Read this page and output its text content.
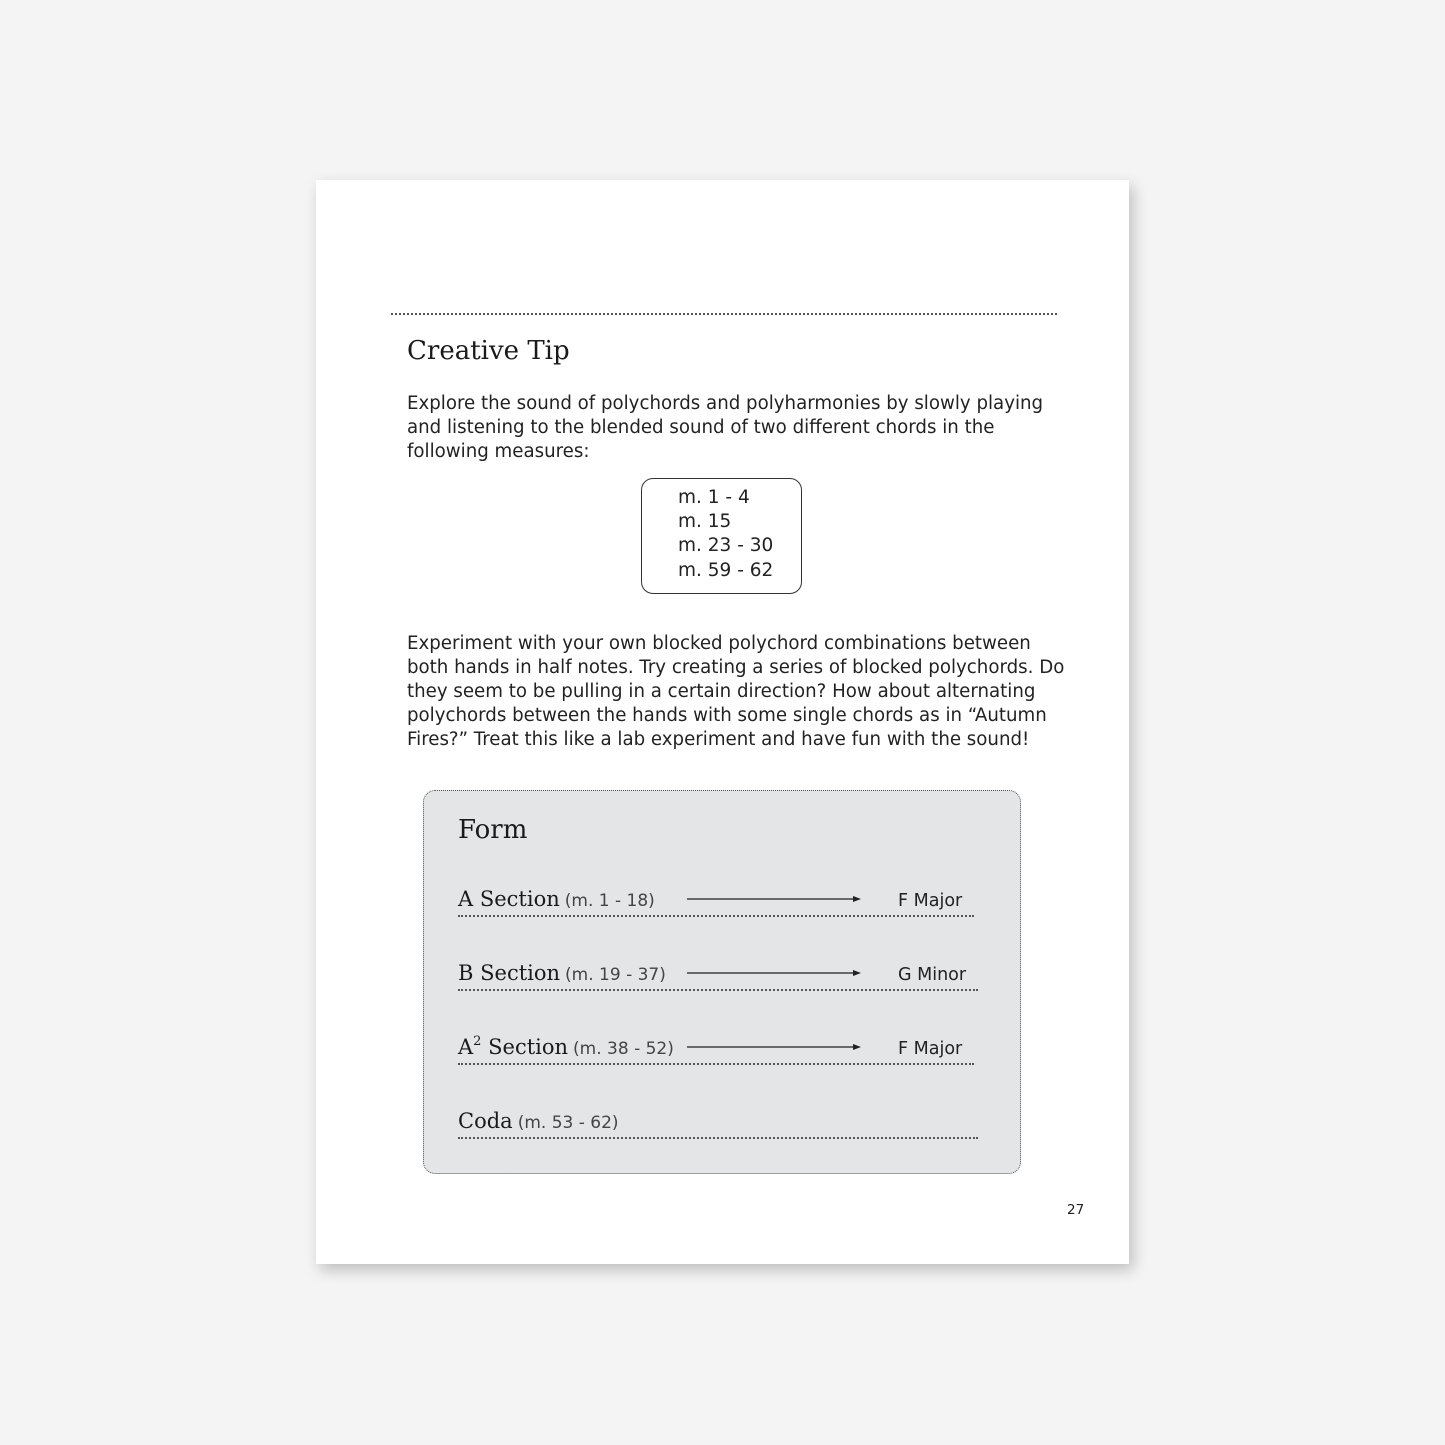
Creative Tip

Explore the sound of polychords and polyharmonies by slowly playing and listening to the blended sound of two different chords in the following measures:

m. 1 - 4
m. 15
m. 23 - 30
m. 59 - 62

Experiment with your own blocked polychord combinations between both hands in half notes. Try creating a series of blocked polychords. Do they seem to be pulling in a certain direction? How about alternating polychords between the hands with some single chords as in “Autumn Fires?” Treat this like a lab experiment and have fun with the sound!

Form
A Section (m. 1 - 18)	F Major
B Section (m. 19 - 37)	G Minor
$A^2$ Section (m. 38 - 52)	F Major
Coda (m. 53 - 62)
27
